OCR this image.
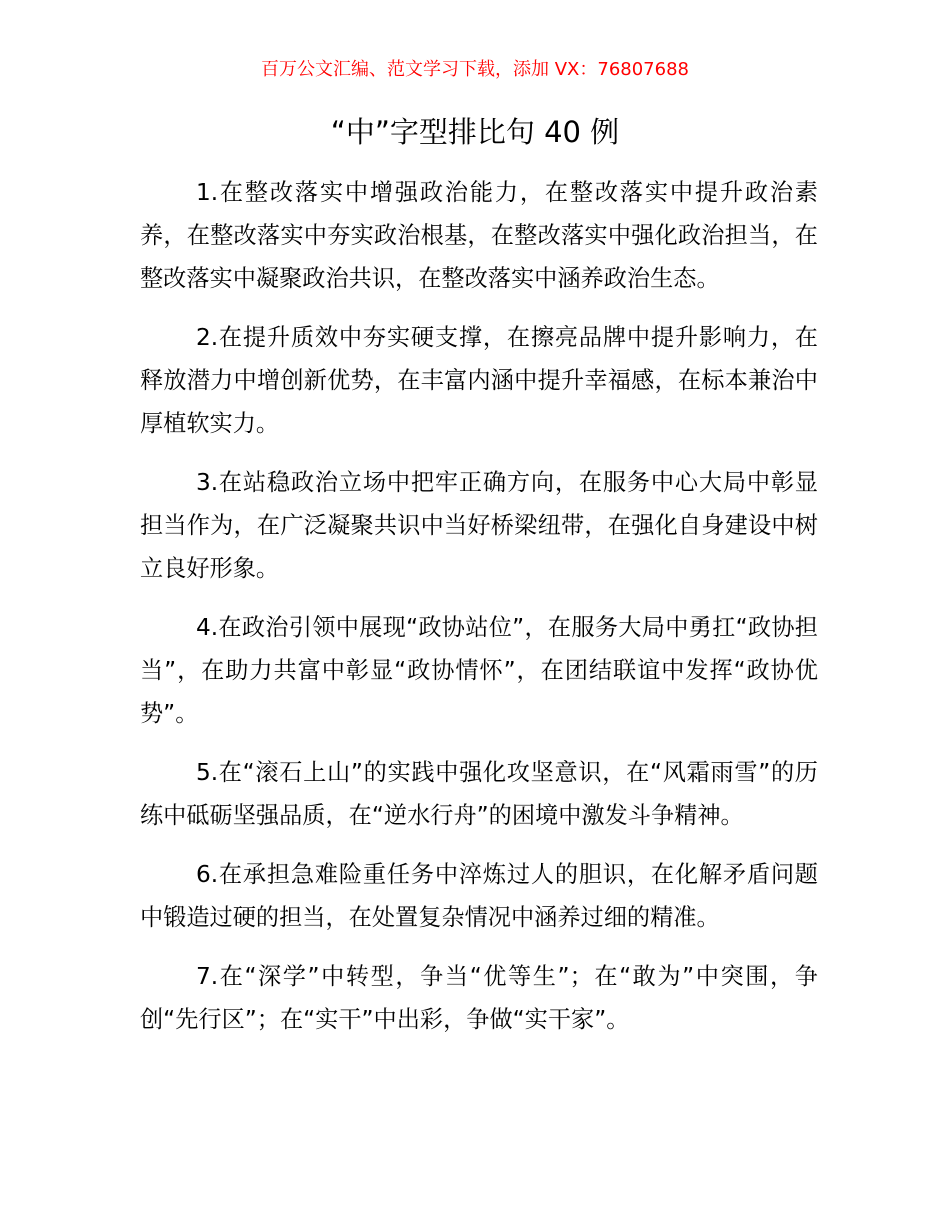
百万公文汇编、范文学习下载，添加 VX：76807688
“中”字型排比句 40 例

1.在整改落实中增强政治能力，在整改落实中提升政治素养，在整改落实中夯实政治根基，在整改落实中强化政治担当，在整改落实中凝聚政治共识，在整改落实中涵养政治生态。

2.在提升质效中夯实硬支撑，在擦亮品牌中提升影响力，在释放潜力中增创新优势，在丰富内涵中提升幸福感，在标本兼治中厚植软实力。

3.在站稳政治立场中把牢正确方向，在服务中心大局中彰显担当作为，在广泛凝聚共识中当好桥梁纽带，在强化自身建设中树立良好形象。

4.在政治引领中展现“政协站位”，在服务大局中勇扛“政协担当”，在助力共富中彰显“政协情怀”，在团结联谊中发挥“政协优势”。

5.在“滚石上山”的实践中强化攻坚意识，在“风霜雨雪”的历练中砥砺坚强品质，在“逆水行舟”的困境中激发斗争精神。

6.在承担急难险重任务中淬炼过人的胆识，在化解矛盾问题中锻造过硬的担当，在处置复杂情况中涵养过细的精准。

7.在“深学”中转型，争当“优等生”；在“敢为”中突围，争创“先行区”；在“实干”中出彩，争做“实干家”。
